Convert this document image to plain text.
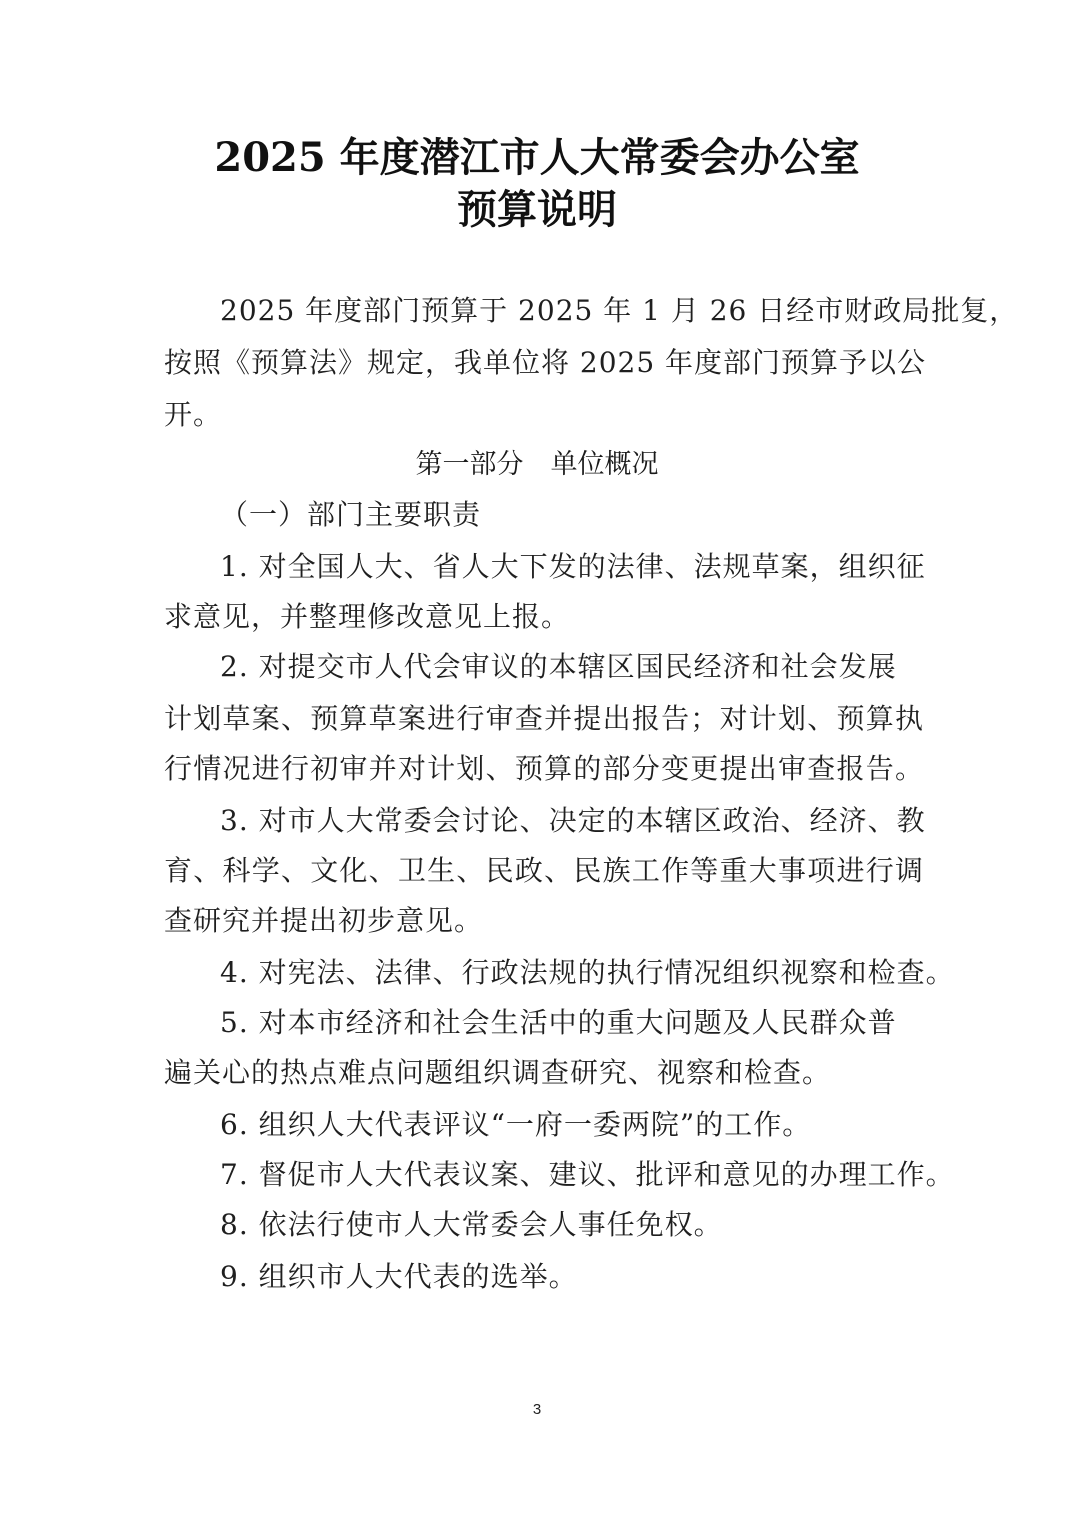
2025 年度潜江市人大常委会办公室
预算说明
2025 年度部门预算于 2025 年 1 月 26 日经市财政局批复，
按照《预算法》规定，我单位将 2025 年度部门预算予以公
开。
第一部分　单位概况
（一）部门主要职责
1. 对全国人大、省人大下发的法律、法规草案，组织征
求意见，并整理修改意见上报。
2. 对提交市人代会审议的本辖区国民经济和社会发展
计划草案、预算草案进行审查并提出报告；对计划、预算执
行情况进行初审并对计划、预算的部分变更提出审查报告。
3. 对市人大常委会讨论、决定的本辖区政治、经济、教
育、科学、文化、卫生、民政、民族工作等重大事项进行调
查研究并提出初步意见。
4. 对宪法、法律、行政法规的执行情况组织视察和检查。
5. 对本市经济和社会生活中的重大问题及人民群众普
遍关心的热点难点问题组织调查研究、视察和检查。
6. 组织人大代表评议“一府一委两院”的工作。
7. 督促市人大代表议案、建议、批评和意见的办理工作。
8. 依法行使市人大常委会人事任免权。
9. 组织市人大代表的选举。
3
